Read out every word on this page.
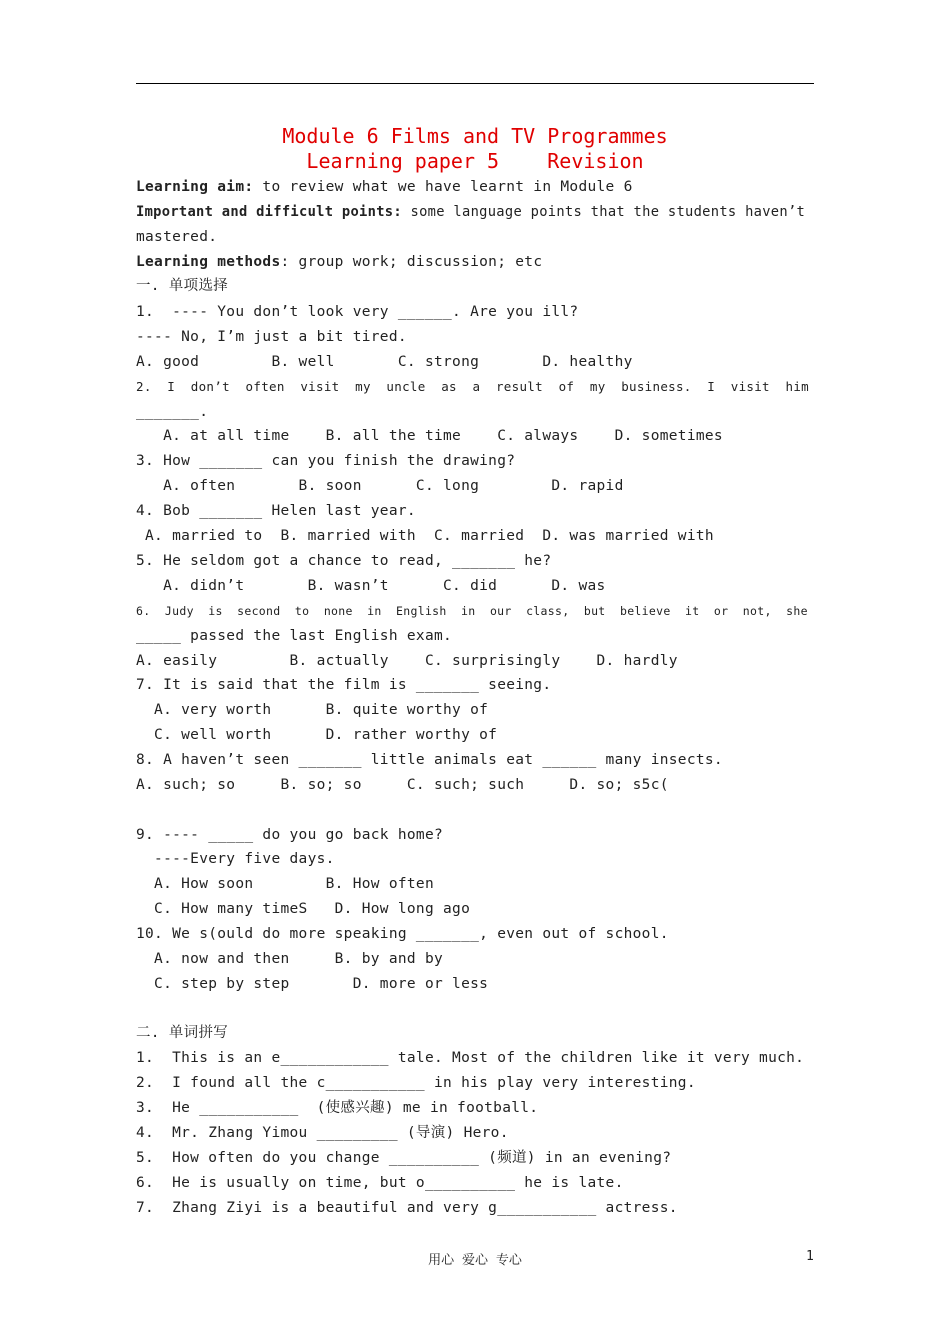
Module 6 Films and TV Programmes
Learning paper 5    Revision
Learning aim: to review what we have learnt in Module 6
Important and difficult points: some language points that the students haven’t
mastered.
Learning methods: group work; discussion; etc
一. 单项选择
1.  ---- You don’t look very ______. Are you ill?
---- No, I’m just a bit tired.
A. good        B. well       C. strong       D. healthy
2.  I  don’t  often  visit  my  uncle  as  a  result  of  my  business.  I  visit  him
_______.
A. at all time    B. all the time    C. always    D. sometimes
3. How _______ can you finish the drawing?
A. often       B. soon      C. long        D. rapid
4. Bob _______ Helen last year.
A. married to  B. married with  C. married  D. was married with
5. He seldom got a chance to read, _______ he?
A. didn’t       B. wasn’t      C. did      D. was
6.  Judy  is  second  to  none  in  English  in  our  class,  but  believe  it  or  not,  she
_____ passed the last English exam.
A. easily        B. actually    C. surprisingly    D. hardly
7. It is said that the film is _______ seeing.
A. very worth      B. quite worthy of
C. well worth      D. rather worthy of
8. A haven’t seen _______ little animals eat ______ many insects.
A. such; so     B. so; so     C. such; such     D. so; s5c(
9. ---- _____ do you go back home?
----Every five days.
A. How soon        B. How often
C. How many timeS   D. How long ago
10. We s(ould do more speaking _______, even out of school.
A. now and then     B. by and by
C. step by step       D. more or less
二. 单词拼写
1.  This is an e____________ tale. Most of the children like it very much.
2.  I found all the c___________ in his play very interesting.
3.  He ___________  (使感兴趣) me in football.
4.  Mr. Zhang Yimou _________ (导演) Hero.
5.  How often do you change __________ (频道) in an evening?
6.  He is usually on time, but o__________ he is late.
7.  Zhang Ziyi is a beautiful and very g___________ actress.
用心 爱心 专心	1
